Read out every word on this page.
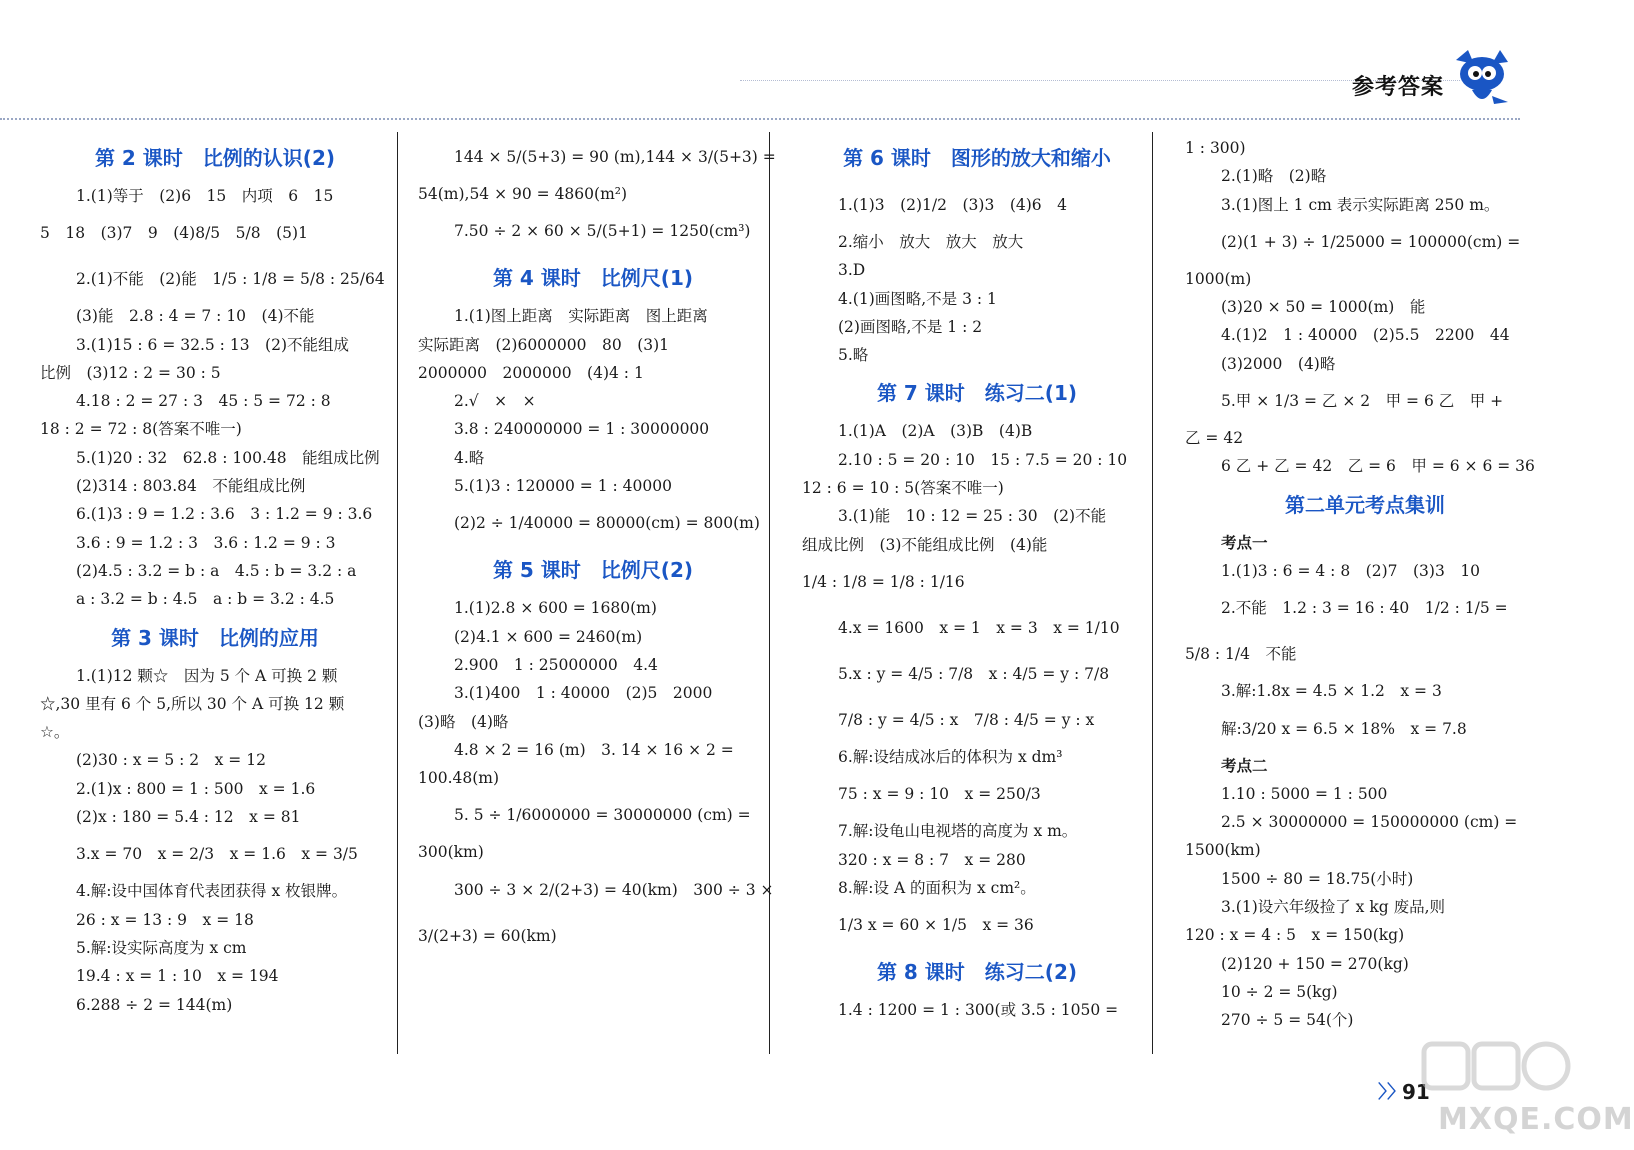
参考答案
第 2 课时　比例的认识(2)
1.(1)等于　(2)6　15　内项　6　15
5　18　(3)7　9　(4)8/5　5/8　(5)1
2.(1)不能　(2)能　1/5 : 1/8 = 5/8 : 25/64
(3)能　2.8 : 4 = 7 : 10　(4)不能
3.(1)15 : 6 = 32.5 : 13　(2)不能组成
比例　(3)12 : 2 = 30 : 5
4.18 : 2 = 27 : 3　45 : 5 = 72 : 8
18 : 2 = 72 : 8(答案不唯一)
5.(1)20 : 32　62.8 : 100.48　能组成比例
(2)314 : 803.84　不能组成比例
6.(1)3 : 9 = 1.2 : 3.6　3 : 1.2 = 9 : 3.6
3.6 : 9 = 1.2 : 3　3.6 : 1.2 = 9 : 3
(2)4.5 : 3.2 = b : a　4.5 : b = 3.2 : a
a : 3.2 = b : 4.5　a : b = 3.2 : 4.5
第 3 课时　比例的应用
1.(1)12 颗☆　因为 5 个 A 可换 2 颗
☆,30 里有 6 个 5,所以 30 个 A 可换 12 颗
☆。
(2)30 : x = 5 : 2　x = 12
2.(1)x : 800 = 1 : 500　x = 1.6
(2)x : 180 = 5.4 : 12　x = 81
3.x = 70　x = 2/3　x = 1.6　x = 3/5
4.解:设中国体育代表团获得 x 枚银牌。
26 : x = 13 : 9　x = 18
5.解:设实际高度为 x cm
19.4 : x = 1 : 10　x = 194
6.288 ÷ 2 = 144(m)
144 × 5/(5+3) = 90 (m),144 × 3/(5+3) =
54(m),54 × 90 = 4860(m²)
7.50 ÷ 2 × 60 × 5/(5+1) = 1250(cm³)
第 4 课时　比例尺(1)
1.(1)图上距离　实际距离　图上距离
实际距离　(2)6000000　80　(3)1
2000000　2000000　(4)4 : 1
2.√　×　×
3.8 : 240000000 = 1 : 30000000
4.略
5.(1)3 : 120000 = 1 : 40000
(2)2 ÷ 1/40000 = 80000(cm) = 800(m)
第 5 课时　比例尺(2)
1.(1)2.8 × 600 = 1680(m)
(2)4.1 × 600 = 2460(m)
2.900　1 : 25000000　4.4
3.(1)400　1 : 40000　(2)5　2000
(3)略　(4)略
4.8 × 2 = 16 (m)　3. 14 × 16 × 2 =
100.48(m)
5. 5 ÷ 1/6000000 = 30000000 (cm) =
300(km)
300 ÷ 3 × 2/(2+3) = 40(km)　300 ÷ 3 ×
3/(2+3) = 60(km)
第 6 课时　图形的放大和缩小
1.(1)3　(2)1/2　(3)3　(4)6　4
2.缩小　放大　放大　放大
3.D
4.(1)画图略,不是 3 : 1
(2)画图略,不是 1 : 2
5.略
第 7 课时　练习二(1)
1.(1)A　(2)A　(3)B　(4)B
2.10 : 5 = 20 : 10　15 : 7.5 = 20 : 10
12 : 6 = 10 : 5(答案不唯一)
3.(1)能　10 : 12 = 25 : 30　(2)不能
组成比例　(3)不能组成比例　(4)能
1/4 : 1/8 = 1/8 : 1/16
4.x = 1600　x = 1　x = 3　x = 1/10
5.x : y = 4/5 : 7/8　x : 4/5 = y : 7/8
7/8 : y = 4/5 : x　7/8 : 4/5 = y : x
6.解:设结成冰后的体积为 x dm³
75 : x = 9 : 10　x = 250/3
7.解:设龟山电视塔的高度为 x m。
320 : x = 8 : 7　x = 280
8.解:设 A 的面积为 x cm²。
1/3 x = 60 × 1/5　x = 36
第 8 课时　练习二(2)
1.4 : 1200 = 1 : 300(或 3.5 : 1050 =
1 : 300)
2.(1)略　(2)略
3.(1)图上 1 cm 表示实际距离 250 m。
(2)(1 + 3) ÷ 1/25000 = 100000(cm) =
1000(m)
(3)20 × 50 = 1000(m)　能
4.(1)2　1 : 40000　(2)5.5　2200　44
(3)2000　(4)略
5.甲 × 1/3 = 乙 × 2　甲 = 6 乙　甲 +
乙 = 42
6 乙 + 乙 = 42　乙 = 6　甲 = 6 × 6 = 36
第二单元考点集训
考点一
1.(1)3 : 6 = 4 : 8　(2)7　(3)3　10
2.不能　1.2 : 3 = 16 : 40　1/2 : 1/5 =
5/8 : 1/4　不能
3.解:1.8x = 4.5 × 1.2　x = 3
解:3/20 x = 6.5 × 18%　x = 7.8
考点二
1.10 : 5000 = 1 : 500
2.5 × 30000000 = 150000000 (cm) =
1500(km)
1500 ÷ 80 = 18.75(小时)
3.(1)设六年级捡了 x kg 废品,则
120 : x = 4 : 5　x = 150(kg)
(2)120 + 150 = 270(kg)
10 ÷ 2 = 5(kg)
270 ÷ 5 = 54(个)
〉〉
91
MXQE.COM
